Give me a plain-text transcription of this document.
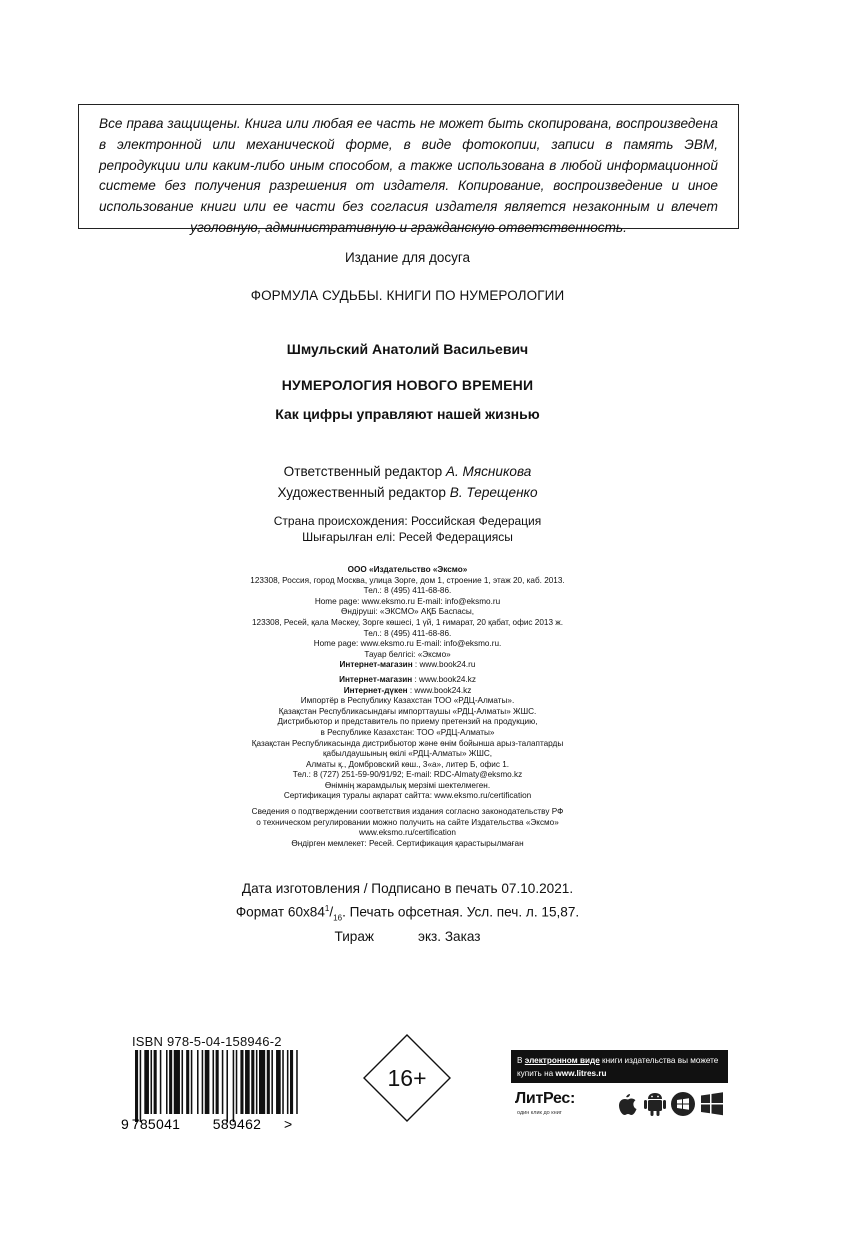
Все права защищены. Книга или любая ее часть не может быть скопирована, воспроизведена в электронной или механической форме, в виде фотокопии, записи в память ЭВМ, репродукции или каким-либо иным способом, а также использована в любой информационной системе без получения разрешения от издателя. Копирование, воспроизведение и иное использование книги или ее части без согласия издателя является незаконным и влечет уголовную, административную и гражданскую ответственность.

Издание для досуга
ФОРМУЛА СУДЬБЫ. КНИГИ ПО НУМЕРОЛОГИИ
Шмульский Анатолий Васильевич
НУМЕРОЛОГИЯ НОВОГО ВРЕМЕНИ
Как цифры управляют нашей жизнью
Ответственный редактор А. Мясникова
Художественный редактор В. Терещенко
Страна происхождения: Российская Федерация
Шығарылған елі: Ресей Федерациясы
ООО «Издательство «Эксмо»
123308, Россия, город Москва, улица Зорге, дом 1, строение 1, этаж 20, каб. 2013.
Тел.: 8 (495) 411-68-86.
Home page: www.eksmo.ru E-mail: info@eksmo.ru
Өндіруші: «ЭКСМО» АҚБ Баспасы,
123308, Ресей, қала Мәскеу, Зорге көшесі, 1 үй, 1 ғимарат, 20 қабат, офис 2013 ж.
Тел.: 8 (495) 411-68-86.
Home page: www.eksmo.ru E-mail: info@eksmo.ru.
Тауар белгісі: «Эксмо»
Интернет-магазин : www.book24.ru
Интернет-магазин : www.book24.kz
Интернет-дүкен : www.book24.kz
Импортёр в Республику Казахстан ТОО «РДЦ-Алматы».
Қазақстан Республикасындағы импорттаушы «РДЦ-Алматы» ЖШС.
Дистрибьютор и представитель по приему претензий на продукцию,
в Республике Казахстан: ТОО «РДЦ-Алматы»
Қазақстан Республикасында дистрибьютор және өнім бойынша арыз-талаптарды
қабылдаушының өкілі «РДЦ-Алматы» ЖШС,
Алматы қ., Домбровский көш., 3«а», литер Б, офис 1.
Тел.: 8 (727) 251-59-90/91/92; E-mail: RDC-Almaty@eksmo.kz
Өнімнің жарамдылық мерзімі шектелмеген.
Сертификация туралы ақпарат сайтта: www.eksmo.ru/certification
Сведения о подтверждении соответствия издания согласно законодательству РФ
о техническом регулировании можно получить на сайте Издательства «Эксмо»
www.eksmo.ru/certification
Өндірген мемлекет: Ресей. Сертификация қарастырылмаған
Дата изготовления / Подписано в печать 07.10.2021.
Формат $60x84^1/_{16}$. Печать офсетная. Усл. печ. л. 15,87.
Тираж	экз. Заказ
ISBN 978-5-04-158946-2
9 785041 589462 >
16+
В электронном виде книги издательства вы можете
купить на www.litres.ru
ЛитРес:
один клик до книг
